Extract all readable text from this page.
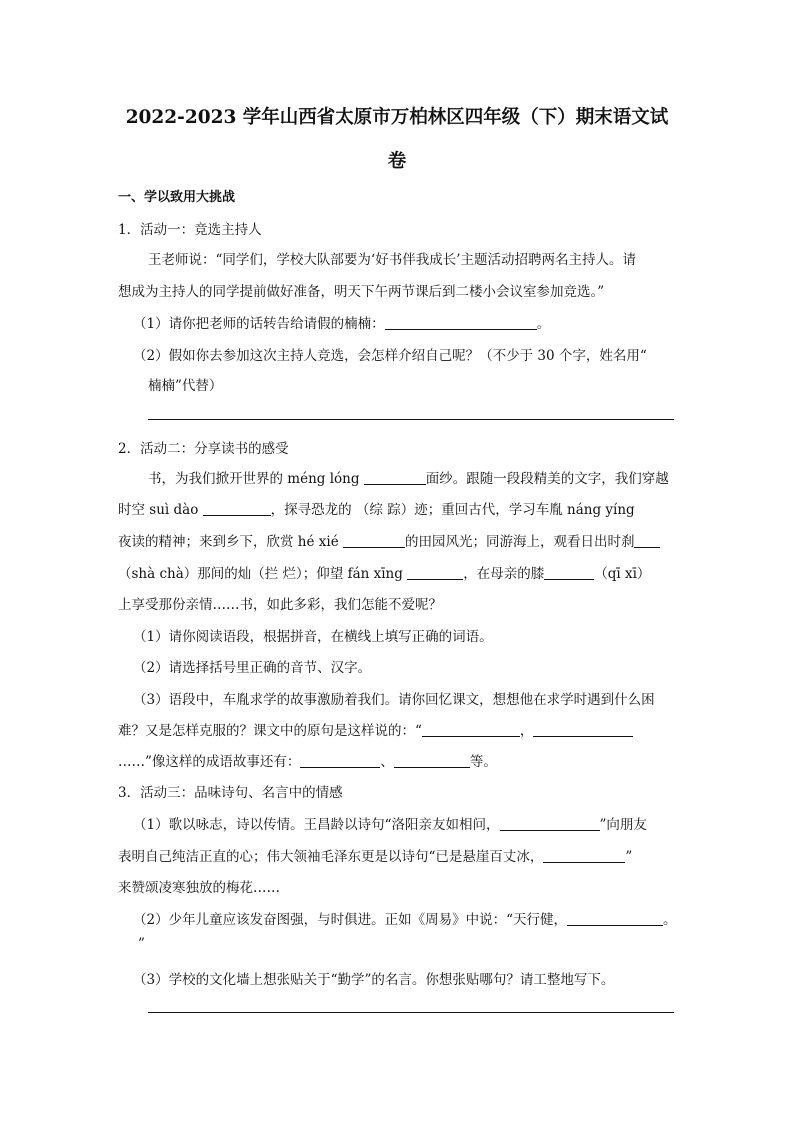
2022-2023 学年山西省太原市万柏林区四年级（下）期末语文试
卷
一、学以致用大挑战
1．活动一：竞选主持人
王老师说：“同学们，学校大队部要为‘好书伴我成长’主题活动招聘两名主持人。请
想成为主持人的同学提前做好准备，明天下午两节课后到二楼小会议室参加竞选。”
（1）请你把老师的话转告给请假的楠楠：	。
（2）假如你去参加这次主持人竞选，会怎样介绍自己呢？（不少于 30 个字，姓名用“
楠楠”代替）
2．活动二：分享读书的感受
书，为我们掀开世界的 méng lóng	面纱。跟随一段段精美的文字，我们穿越
时空 suì dào	，探寻恐龙的 （综 踪）迹；重回古代，学习车胤 náng yíng
夜读的精神；来到乡下，欣赏 hé xié	的田园风光；同游海上，观看日出时刹
（shà chà）那间的灿（拦 烂）；仰望 fán xīng	，在母亲的膝	（qī xī）
上享受那份亲情……书，如此多彩，我们怎能不爱呢？
（1）请你阅读语段，根据拼音，在横线上填写正确的词语。
（2）请选择括号里正确的音节、汉字。
（3）语段中，车胤求学的故事激励着我们。请你回忆课文，想想他在求学时遇到什么困
难？又是怎样克服的？课文中的原句是这样说的：“	，
……”像这样的成语故事还有：	、	等。
3．活动三：品味诗句、名言中的情感
（1）歌以咏志，诗以传情。王昌龄以诗句“洛阳亲友如相问，	”向朋友
表明自己纯洁正直的心；伟大领袖毛泽东更是以诗句“已是悬崖百丈冰，	”
来赞颂凌寒独放的梅花……
（2）少年儿童应该发奋图强，与时俱进。正如《周易》中说：“天行健，	。
”
（3）学校的文化墙上想张贴关于“勤学”的名言。你想张贴哪句？请工整地写下。
